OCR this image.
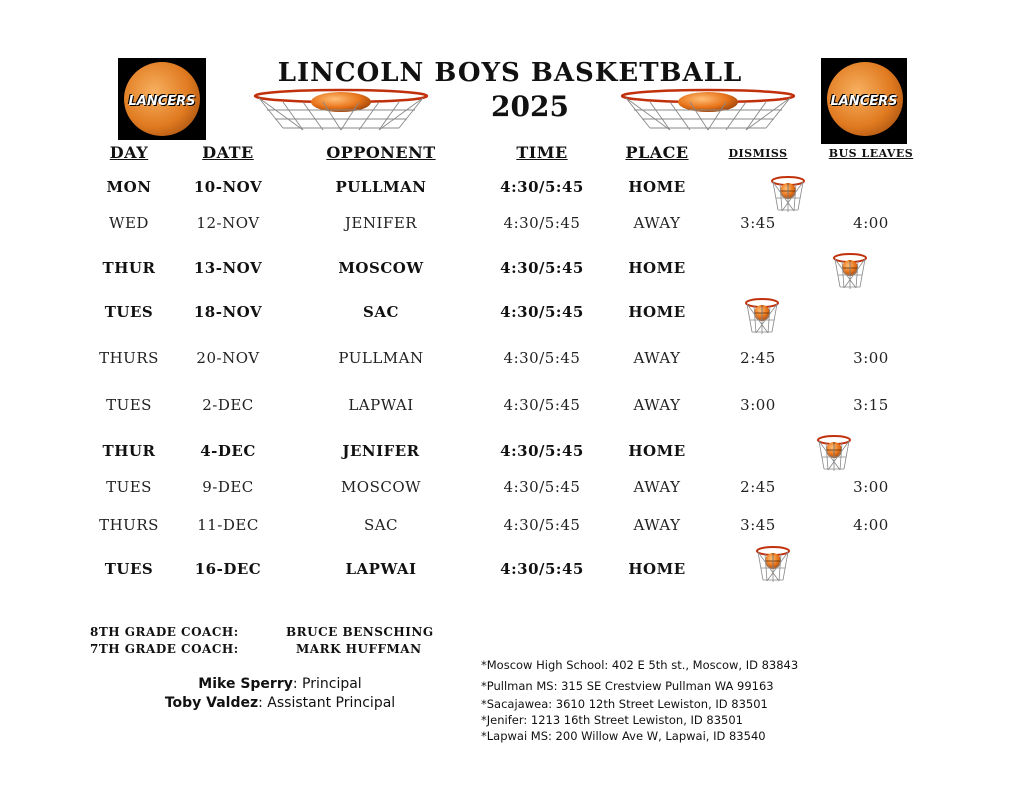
LANCERS	LANCERS
LINCOLN BOYS BASKETBALL
2025
DAY	DATE	OPPONENT	TIME	PLACE	DISMISS	BUS LEAVES
MON	10-NOV	PULLMAN	4:30/5:45	HOME
WED	12-NOV	JENIFER	4:30/5:45	AWAY	3:45	4:00
THUR	13-NOV	MOSCOW	4:30/5:45	HOME
TUES	18-NOV	SAC	4:30/5:45	HOME
THURS	20-NOV	PULLMAN	4:30/5:45	AWAY	2:45	3:00
TUES	2-DEC	LAPWAI	4:30/5:45	AWAY	3:00	3:15
THUR	4-DEC	JENIFER	4:30/5:45	HOME
TUES	9-DEC	MOSCOW	4:30/5:45	AWAY	2:45	3:00
THURS	11-DEC	SAC	4:30/5:45	AWAY	3:45	4:00
TUES	16-DEC	LAPWAI	4:30/5:45	HOME
8TH GRADE COACH:	BRUCE BENSCHING
7TH GRADE COACH:	MARK HUFFMAN
Mike Sperry: Principal
Toby Valdez: Assistant Principal
*Moscow High School: 402 E 5th st., Moscow, ID 83843
*Pullman MS: 315 SE Crestview Pullman WA 99163
*Sacajawea: 3610 12th Street Lewiston, ID 83501
*Jenifer: 1213 16th Street Lewiston, ID 83501
*Lapwai MS: 200 Willow Ave W, Lapwai, ID 83540
